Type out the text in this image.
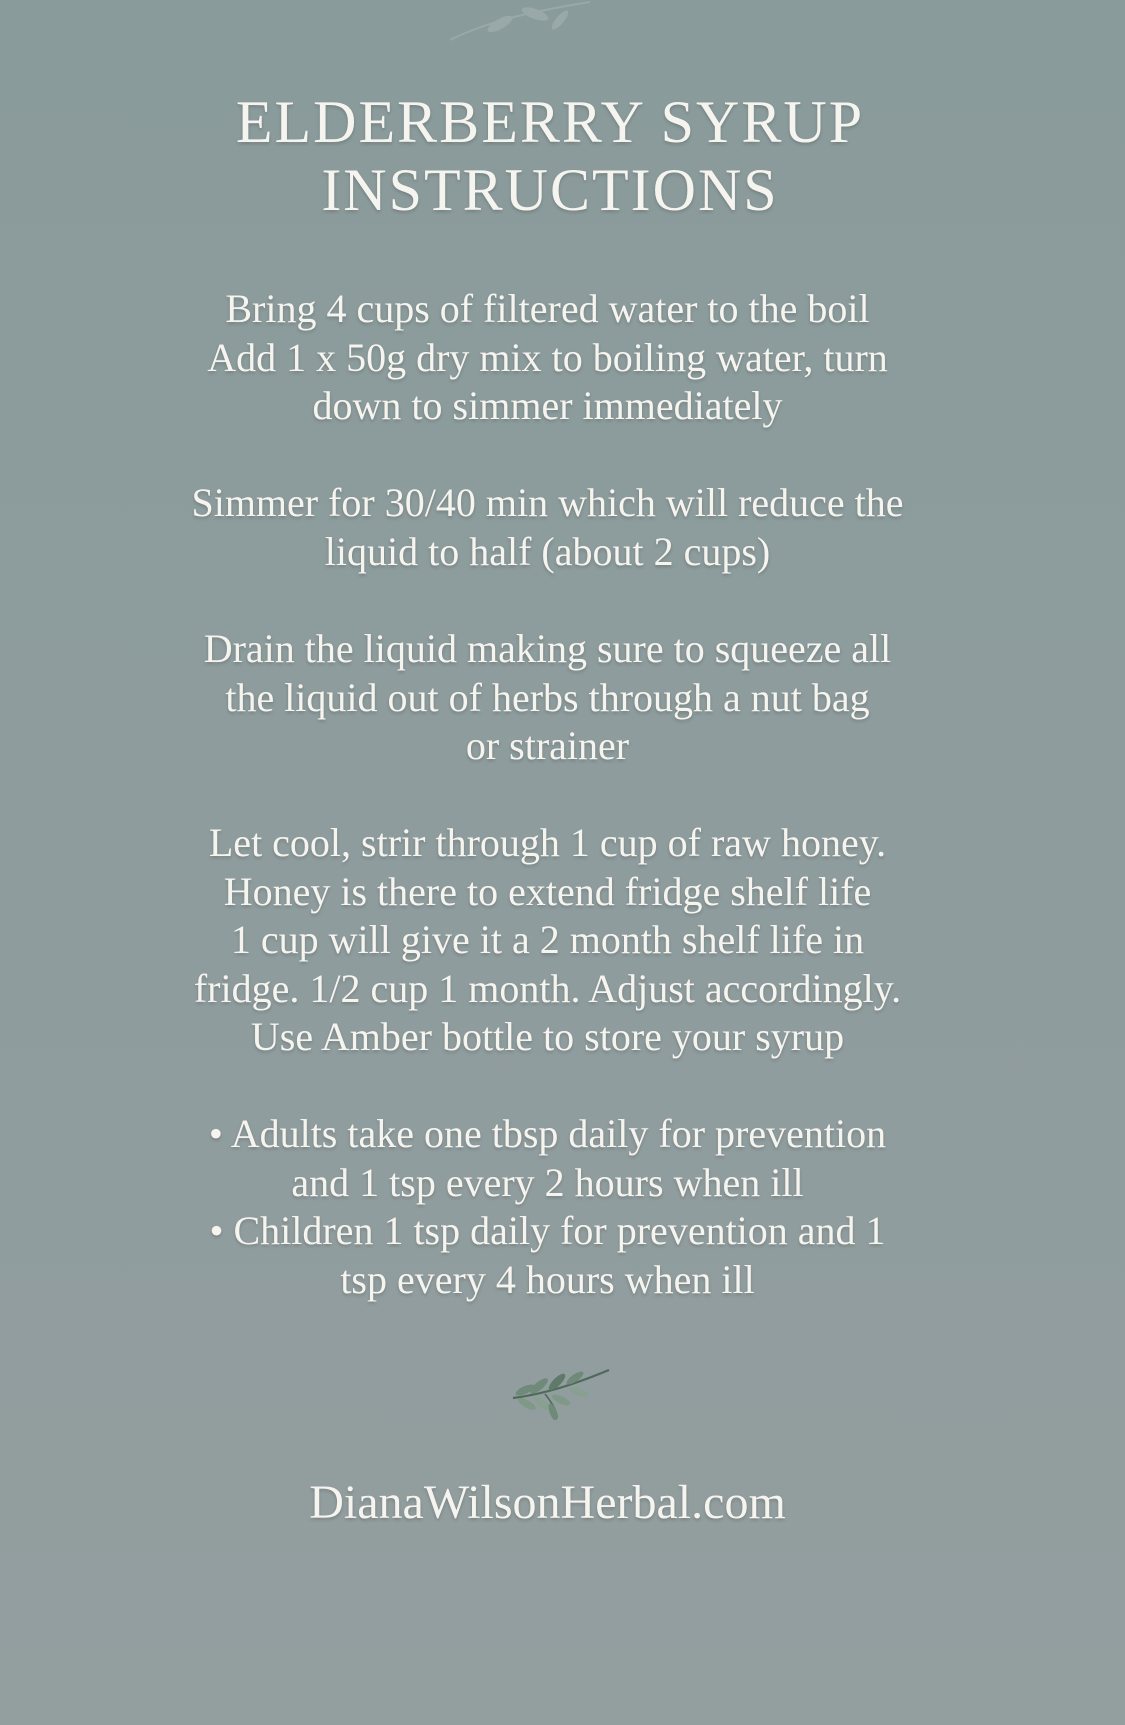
ELDERBERRY SYRUP
INSTRUCTIONS
Bring 4 cups of filtered water to the boil
Add 1 x 50g dry mix to boiling water, turn
down to simmer immediately
Simmer for 30/40 min which will reduce the
liquid to half (about 2 cups)
Drain the liquid making sure to squeeze all
the liquid out of herbs through a nut bag
or strainer
Let cool, strir through 1 cup of raw honey.
Honey is there to extend fridge shelf life
1 cup will give it a 2 month shelf life in
fridge. 1/2 cup 1 month. Adjust accordingly.
Use Amber bottle to store your syrup
• Adults take one tbsp daily for prevention
and 1 tsp every 2 hours when ill
• Children 1 tsp daily for prevention and 1
tsp every 4 hours when ill
DianaWilsonHerbal.com
